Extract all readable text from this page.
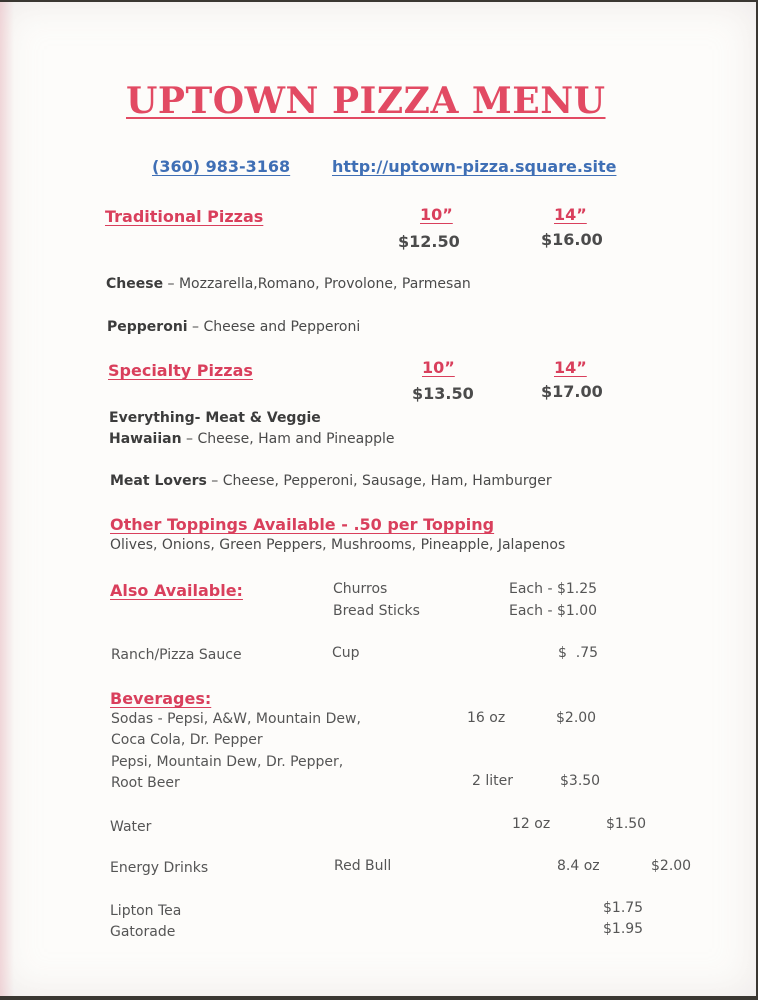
UPTOWN PIZZA MENU
(360) 983-3168	http://uptown-pizza.square.site
Traditional Pizzas	10”	14”
$12.50	$16.00
Cheese – Mozzarella,Romano, Provolone, Parmesan
Pepperoni – Cheese and Pepperoni
Specialty Pizzas	10”	14”
$13.50	$17.00
Everything- Meat & Veggie
Hawaiian – Cheese, Ham and Pineapple
Meat Lovers – Cheese, Pepperoni, Sausage, Ham, Hamburger
Other Toppings Available - .50 per Topping
Olives, Onions, Green Peppers, Mushrooms, Pineapple, Jalapenos
Also Available:	Churros	Each - $1.25
Bread Sticks	Each - $1.00
Ranch/Pizza Sauce	Cup	$  .75
Beverages:
Sodas - Pepsi, A&W, Mountain Dew,
Coca Cola, Dr. Pepper
16 oz	$2.00
Pepsi, Mountain Dew, Dr. Pepper,
Root Beer	2 liter	$3.50
Water	12 oz	$1.50
Energy Drinks	Red Bull	8.4 oz	$2.00
Lipton Tea	$1.75
Gatorade	$1.95
